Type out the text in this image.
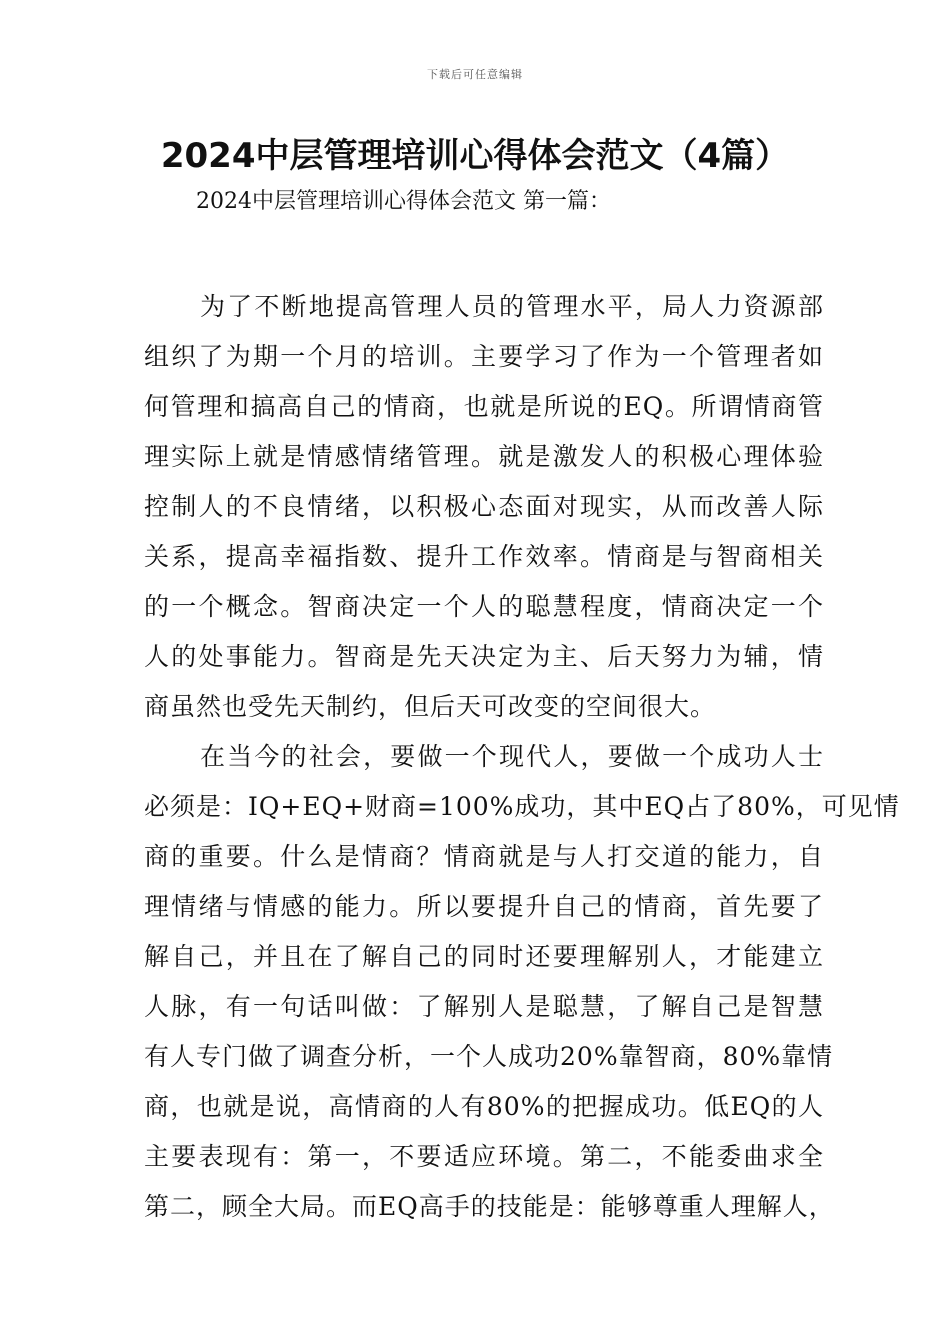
下载后可任意编辑
2024中层管理培训心得体会范文（4篇）
2024中层管理培训心得体会范文 第一篇：
为了不断地提高管理人员的管理水平，局人力资源部
组织了为期一个月的培训。主要学习了作为一个管理者如
何管理和搞高自己的情商，也就是所说的EQ。所谓情商管
理实际上就是情感情绪管理。就是激发人的积极心理体验
控制人的不良情绪，以积极心态面对现实，从而改善人际
关系，提高幸福指数、提升工作效率。情商是与智商相关
的一个概念。智商决定一个人的聪慧程度，情商决定一个
人的处事能力。智商是先天决定为主、后天努力为辅，情
商虽然也受先天制约，但后天可改变的空间很大。
在当今的社会，要做一个现代人，要做一个成功人士
必须是：IQ+EQ+财商=100%成功，其中EQ占了80%，可见情
商的重要。什么是情商？情商就是与人打交道的能力，自
理情绪与情感的能力。所以要提升自己的情商，首先要了
解自己，并且在了解自己的同时还要理解别人，才能建立
人脉，有一句话叫做：了解别人是聪慧，了解自己是智慧
有人专门做了调查分析，一个人成功20%靠智商，80%靠情
商，也就是说，高情商的人有80%的把握成功。低EQ的人
主要表现有：第一，不要适应环境。第二，不能委曲求全
第二，顾全大局。而EQ高手的技能是：能够尊重人理解人，
